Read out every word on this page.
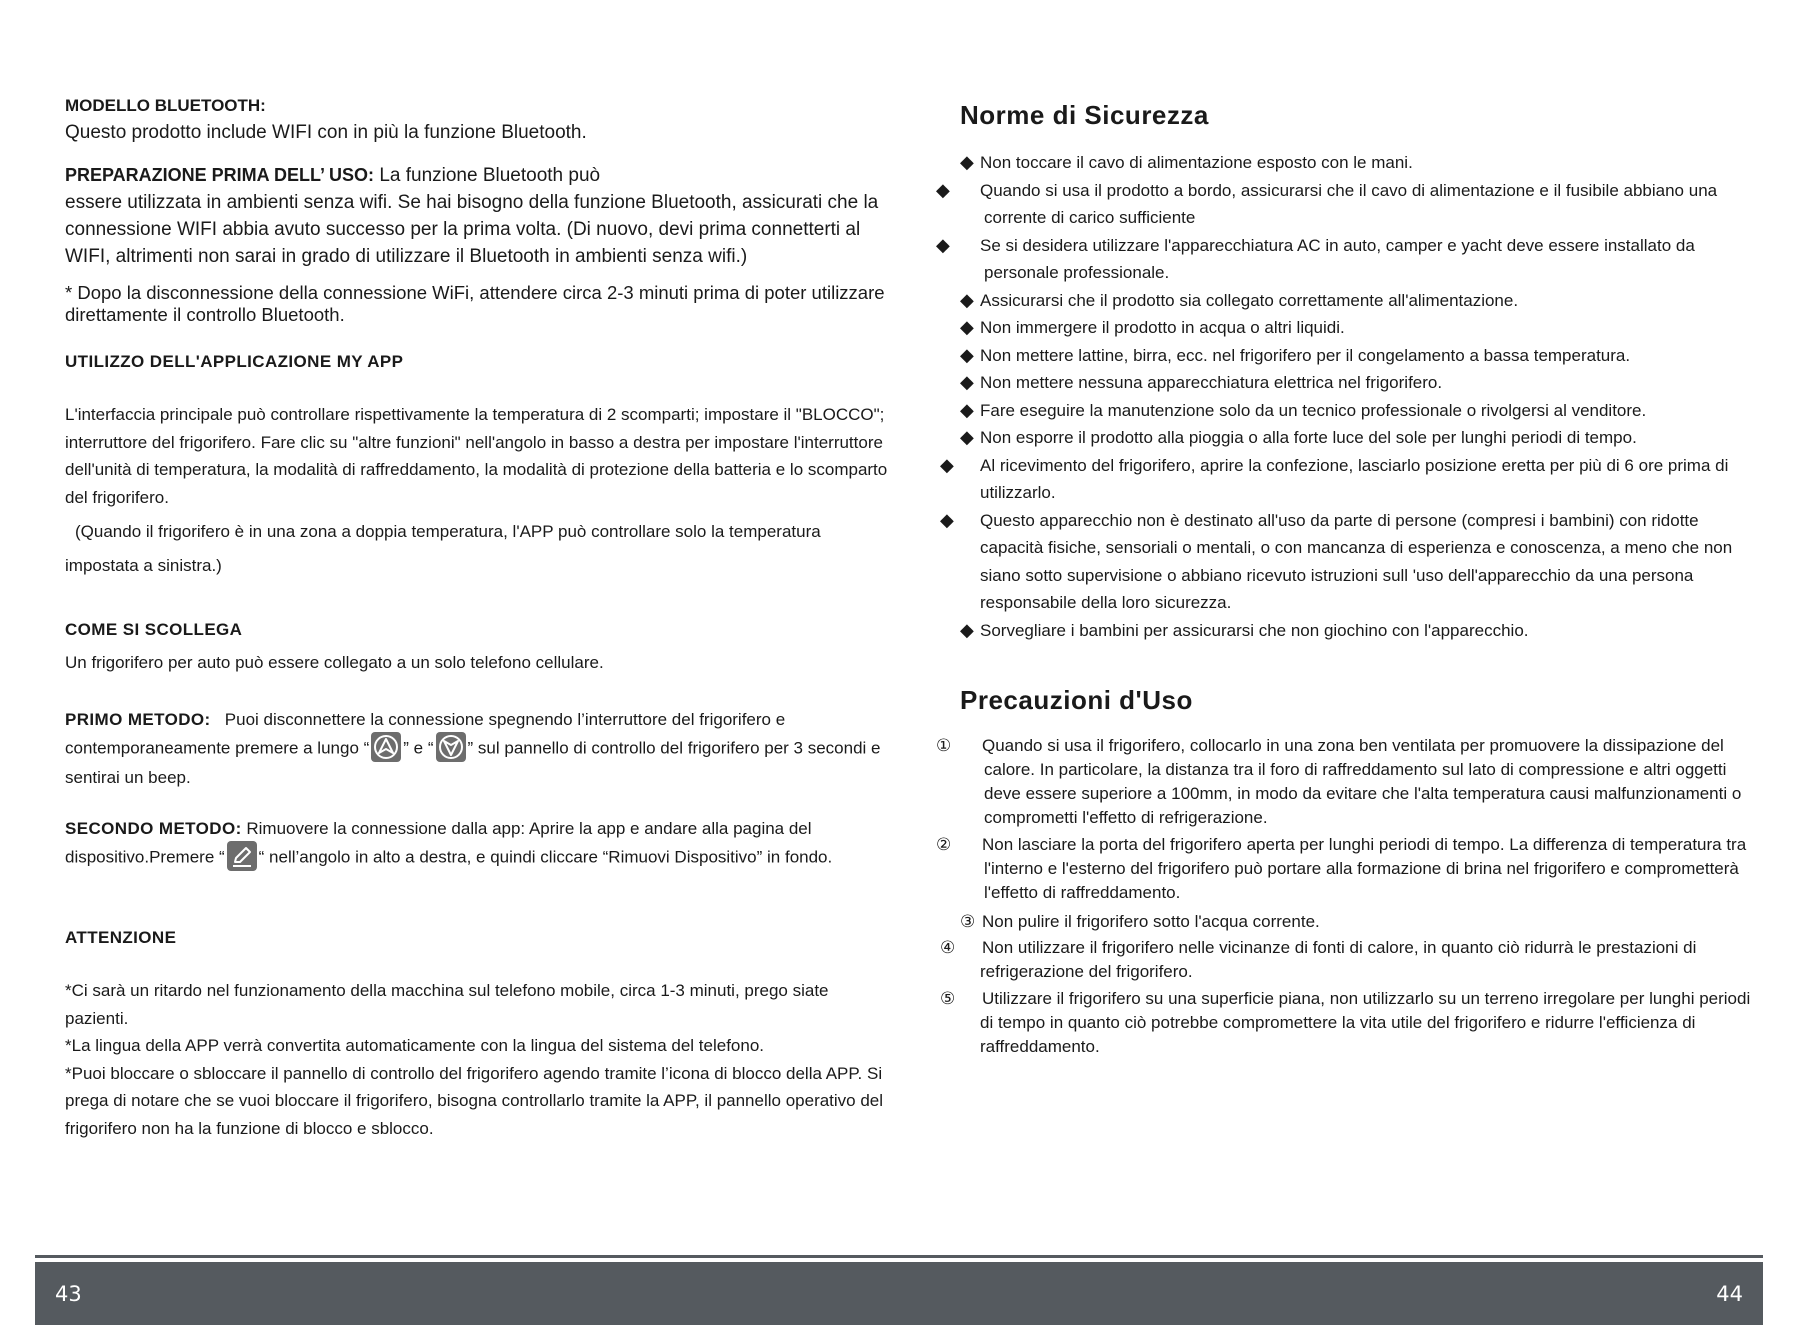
MODELLO BLUETOOTH:

Questo prodotto include WIFI con in più la funzione Bluetooth.

PREPARAZIONE PRIMA DELL’ USO: La funzione Bluetooth può

essere utilizzata in ambienti senza wifi. Se hai bisogno della funzione Bluetooth, assicurati che la connessione WIFI abbia avuto successo per la prima volta. (Di nuovo, devi prima connetterti al WIFI, altrimenti non sarai in grado di utilizzare il Bluetooth in ambienti senza wifi.)

* Dopo la disconnessione della connessione WiFi, attendere circa 2-3 minuti prima di poter utilizzare direttamente il controllo Bluetooth.

UTILIZZO DELL'APPLICAZIONE MY APP

L'interfaccia principale può controllare rispettivamente la temperatura di 2 scomparti; impostare il "BLOCCO"; interruttore del frigorifero. Fare clic su "altre funzioni" nell'angolo in basso a destra per impostare l'interruttore dell'unità di temperatura, la modalità di raffreddamento, la modalità di protezione della batteria e lo scomparto del frigorifero.

(Quando il frigorifero è in una zona a doppia temperatura, l'APP può controllare solo la temperatura impostata a sinistra.)

COME SI SCOLLEGA

Un frigorifero per auto può essere collegato a un solo telefono cellulare.

PRIMO METODO: Puoi disconnettere la connessione spegnendo l’interruttore del frigorifero e contemporaneamente premere a lungo “ ” e “ ” sul pannello di controllo del frigorifero per 3 secondi e sentirai un beep.

SECONDO METODO: Rimuovere la connessione dalla app: Aprire la app e andare alla pagina del dispositivo.Premere “ “ nell’angolo in alto a destra, e quindi cliccare “Rimuovi Dispositivo” in fondo.

ATTENZIONE

*Ci sarà un ritardo nel funzionamento della macchina sul telefono mobile, circa 1-3 minuti, prego siate pazienti.

*La lingua della APP verrà convertita automaticamente con la lingua del sistema del telefono.

*Puoi bloccare o sbloccare il pannello di controllo del frigorifero agendo tramite l’icona di blocco della APP. Si prega di notare che se vuoi bloccare il frigorifero, bisogna controllarlo tramite la APP, il pannello operativo del frigorifero non ha la funzione di blocco e sblocco.

Norme di Sicurezza

◆ Non toccare il cavo di alimentazione esposto con le mani.
◆ Quando si usa il prodotto a bordo, assicurarsi che il cavo di alimentazione e il fusibile abbiano una corrente di carico sufficiente
◆ Se si desidera utilizzare l'apparecchiatura AC in auto, camper e yacht deve essere installato da personale professionale.
◆ Assicurarsi che il prodotto sia collegato correttamente all'alimentazione.
◆ Non immergere il prodotto in acqua o altri liquidi.
◆ Non mettere lattine, birra, ecc. nel frigorifero per il congelamento a bassa temperatura.
◆ Non mettere nessuna apparecchiatura elettrica nel frigorifero.
◆ Fare eseguire la manutenzione solo da un tecnico professionale o rivolgersi al venditore.
◆ Non esporre il prodotto alla pioggia o alla forte luce del sole per lunghi periodi di tempo.
◆ Al ricevimento del frigorifero, aprire la confezione, lasciarlo posizione eretta per più di 6 ore prima di utilizzarlo.
◆ Questo apparecchio non è destinato all'uso da parte di persone (compresi i bambini) con ridotte capacità fisiche, sensoriali o mentali, o con mancanza di esperienza e conoscenza, a meno che non siano sotto supervisione o abbiano ricevuto istruzioni sull 'uso dell'apparecchio da una persona responsabile della loro sicurezza.
◆ Sorvegliare i bambini per assicurarsi che non giochino con l'apparecchio.

Precauzioni d'Uso

① Quando si usa il frigorifero, collocarlo in una zona ben ventilata per promuovere la dissipazione del calore. In particolare, la distanza tra il foro di raffreddamento sul lato di compressione e altri oggetti deve essere superiore a 100mm, in modo da evitare che l'alta temperatura causi malfunzionamenti o comprometti l'effetto di refrigerazione.
② Non lasciare la porta del frigorifero aperta per lunghi periodi di tempo. La differenza di temperatura tra l'interno e l'esterno del frigorifero può portare alla formazione di brina nel frigorifero e comprometterà l'effetto di raffreddamento.
③ Non pulire il frigorifero sotto l'acqua corrente.
④ Non utilizzare il frigorifero nelle vicinanze di fonti di calore, in quanto ciò ridurrà le prestazioni di refrigerazione del frigorifero.
⑤ Utilizzare il frigorifero su una superficie piana, non utilizzarlo su un terreno irregolare per lunghi periodi di tempo in quanto ciò potrebbe compromettere la vita utile del frigorifero e ridurre l'efficienza di raffreddamento.
43	44
